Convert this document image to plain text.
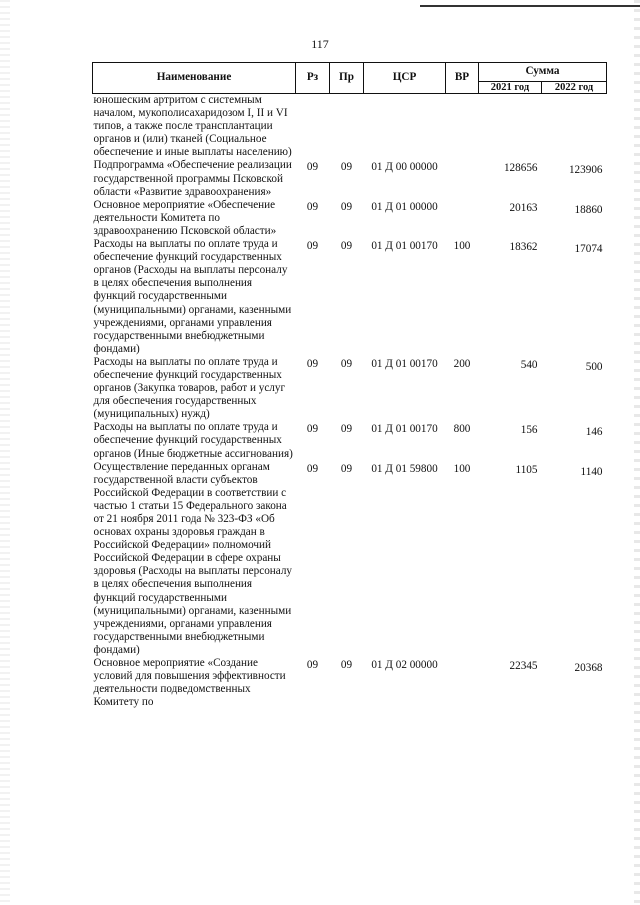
117
Наименование	Рз	Пр	ЦСР	ВР	Сумма	
					2021 год	2022 год
юношеским артритом с системным началом, мукополисахаридозом I, II и VI типов, а также после трансплантации органов и (или) тканей (Социальное обеспечение и иные выплаты населению)						
Подпрограмма «Обеспечение реализации государственной программы Псковской области «Развитие здравоохранения»	09	09	01 Д 00 00000		128656	123906
Основное мероприятие «Обеспечение деятельности Комитета по здравоохранению Псковской области»	09	09	01 Д 01 00000		20163	18860
Расходы на выплаты по оплате труда и обеспечение функций государственных органов (Расходы на выплаты персоналу в целях обеспечения выполнения функций государственными (муниципальными) органами, казенными учреждениями, органами управления государственными внебюджетными фондами)	09	09	01 Д 01 00170	100	18362	17074
Расходы на выплаты по оплате труда и обеспечение функций государственных органов (Закупка товаров, работ и услуг для обеспечения государственных (муниципальных) нужд)	09	09	01 Д 01 00170	200	540	500
Расходы на выплаты по оплате труда и обеспечение функций государственных органов (Иные бюджетные ассигнования)	09	09	01 Д 01 00170	800	156	146
Осуществление переданных органам государственной власти субъектов Российской Федерации в соответствии с частью 1 статьи 15 Федерального закона от 21 ноября 2011 года № 323-ФЗ «Об основах охраны здоровья граждан в Российской Федерации» полномочий Российской Федерации в сфере охраны здоровья (Расходы на выплаты персоналу в целях обеспечения выполнения функций государственными (муниципальными) органами, казенными учреждениями, органами управления государственными внебюджетными фондами)	09	09	01 Д 01 59800	100	1105	1140
Основное мероприятие «Создание условий для повышения эффективности деятельности подведомственных Комитету по	09	09	01 Д 02 00000		22345	20368
